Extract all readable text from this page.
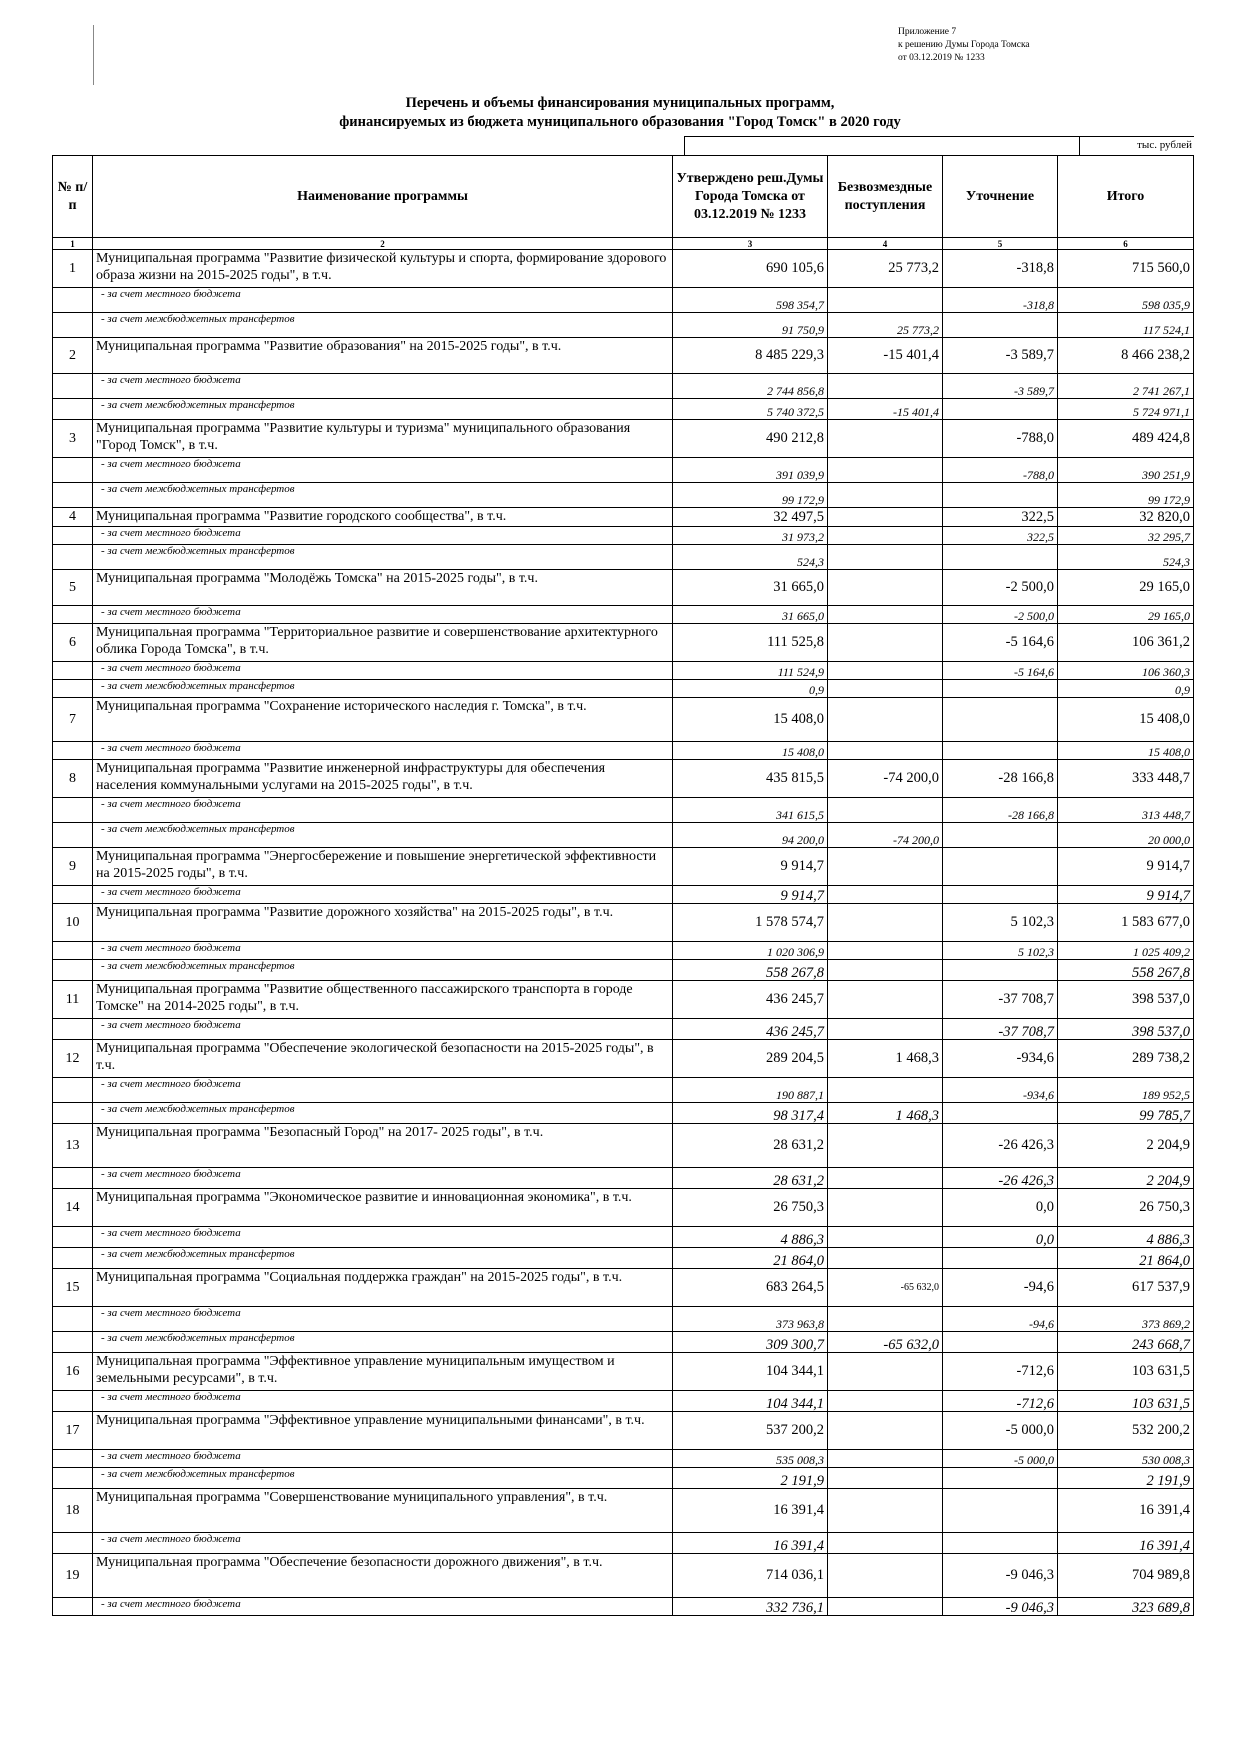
Приложение 7
к решению Думы Города Томска
от 03.12.2019 № 1233
Перечень и объемы финансирования муниципальных программ,
финансируемых из бюджета муниципального образования "Город Томск" в 2020 году
тыс. рублей
№ п/п	Наименование программы	Утверждено реш.Думы Города Томска от 03.12.2019 № 1233	Безвозмездные поступления	Уточнение	Итого
1	2	3	4	5	6
1	Муниципальная программа "Развитие физической культуры и спорта, формирование здорового образа жизни на 2015-2025 годы", в т.ч.	690 105,6	25 773,2	-318,8	715 560,0
	- за счет местного бюджета	598 354,7		-318,8	598 035,9
	- за счет межбюджетных трансфертов	91 750,9	25 773,2		117 524,1
2	Муниципальная программа "Развитие образования" на 2015-2025 годы", в т.ч.	8 485 229,3	-15 401,4	-3 589,7	8 466 238,2
	- за счет местного бюджета	2 744 856,8		-3 589,7	2 741 267,1
	- за счет межбюджетных трансфертов	5 740 372,5	-15 401,4		5 724 971,1
3	Муниципальная программа "Развитие культуры и туризма" муниципального образования "Город Томск", в т.ч.	490 212,8		-788,0	489 424,8
	- за счет местного бюджета	391 039,9		-788,0	390 251,9
	- за счет межбюджетных трансфертов	99 172,9			99 172,9
4	Муниципальная программа "Развитие городского сообщества", в т.ч.	32 497,5		322,5	32 820,0
	- за счет местного бюджета	31 973,2		322,5	32 295,7
	- за счет межбюджетных трансфертов	524,3			524,3
5	Муниципальная программа "Молодёжь Томска" на 2015-2025 годы", в т.ч.	31 665,0		-2 500,0	29 165,0
	- за счет местного бюджета	31 665,0		-2 500,0	29 165,0
6	Муниципальная программа "Территориальное развитие и совершенствование архитектурного облика Города Томска", в т.ч.	111 525,8		-5 164,6	106 361,2
	- за счет местного бюджета	111 524,9		-5 164,6	106 360,3
	- за счет межбюджетных трансфертов	0,9			0,9
7	Муниципальная программа "Сохранение исторического наследия г. Томска", в т.ч.	15 408,0			15 408,0
	- за счет местного бюджета	15 408,0			15 408,0
8	Муниципальная программа "Развитие инженерной инфраструктуры для обеспечения населения коммунальными услугами на 2015-2025 годы", в т.ч.	435 815,5	-74 200,0	-28 166,8	333 448,7
	- за счет местного бюджета	341 615,5		-28 166,8	313 448,7
	- за счет межбюджетных трансфертов	94 200,0	-74 200,0		20 000,0
9	Муниципальная программа "Энергосбережение и повышение энергетической эффективности на 2015-2025 годы", в т.ч.	9 914,7			9 914,7
	- за счет местного бюджета	9 914,7			9 914,7
10	Муниципальная программа "Развитие дорожного хозяйства" на 2015-2025 годы", в т.ч.	1 578 574,7		5 102,3	1 583 677,0
	- за счет местного бюджета	1 020 306,9		5 102,3	1 025 409,2
	- за счет межбюджетных трансфертов	558 267,8			558 267,8
11	Муниципальная программа "Развитие общественного пассажирского транспорта в городе Томске" на 2014-2025 годы", в т.ч.	436 245,7		-37 708,7	398 537,0
	- за счет местного бюджета	436 245,7		-37 708,7	398 537,0
12	Муниципальная программа "Обеспечение экологической безопасности на 2015-2025 годы", в т.ч.	289 204,5	1 468,3	-934,6	289 738,2
	- за счет местного бюджета	190 887,1		-934,6	189 952,5
	- за счет межбюджетных трансфертов	98 317,4	1 468,3		99 785,7
13	Муниципальная программа "Безопасный Город" на 2017- 2025 годы", в т.ч.	28 631,2		-26 426,3	2 204,9
	- за счет местного бюджета	28 631,2		-26 426,3	2 204,9
14	Муниципальная программа "Экономическое развитие и инновационная экономика", в т.ч.	26 750,3		0,0	26 750,3
	- за счет местного бюджета	4 886,3		0,0	4 886,3
	- за счет межбюджетных трансфертов	21 864,0			21 864,0
15	Муниципальная программа "Социальная поддержка граждан" на 2015-2025 годы", в т.ч.	683 264,5	-65 632,0	-94,6	617 537,9
	- за счет местного бюджета	373 963,8		-94,6	373 869,2
	- за счет межбюджетных трансфертов	309 300,7	-65 632,0		243 668,7
16	Муниципальная программа "Эффективное управление муниципальным имуществом и земельными ресурсами", в т.ч.	104 344,1		-712,6	103 631,5
	- за счет местного бюджета	104 344,1		-712,6	103 631,5
17	Муниципальная программа "Эффективное управление муниципальными финансами", в т.ч.	537 200,2		-5 000,0	532 200,2
	- за счет местного бюджета	535 008,3		-5 000,0	530 008,3
	- за счет межбюджетных трансфертов	2 191,9			2 191,9
18	Муниципальная программа "Совершенствование муниципального управления", в т.ч.	16 391,4			16 391,4
	- за счет местного бюджета	16 391,4			16 391,4
19	Муниципальная программа "Обеспечение безопасности дорожного движения", в т.ч.	714 036,1		-9 046,3	704 989,8
	- за счет местного бюджета	332 736,1		-9 046,3	323 689,8
